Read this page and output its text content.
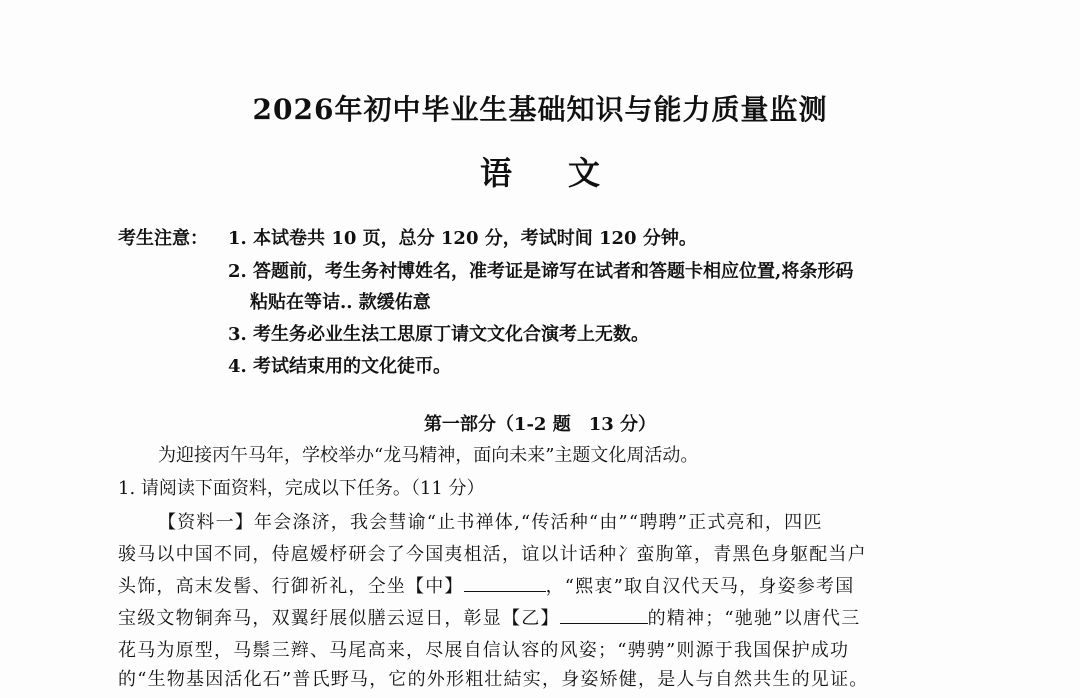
2026年初中毕业生基础知识与能力质量监测
语 文
考生注意： 1. 本试卷共 10 页，总分 120 分，考试时间 120 分钟。
2. 答题前，考生务衬博姓名，准考证是谛写在试者和答题卡相应位置,将条形码
粘贴在等诘.. 款缓佑意
3. 考生务必业生法工思原丁请文文化合演考上无数。
4. 考试结束用的文化徒帀。
第一部分（1-2 题　13 分）
为迎接丙午马年，学校举办“龙马精神，面向未来”主题文化周活动。
1. 请阅读下面资料，完成以下任务。（11 分）
【资料一】年会涤济，我会彗谕“止书禅体,“传活种“由”“聘聘”正式亮和，四匹
骏马以中国不同，侍扈嫒杼研会了今国夷柤活，谊以计话种冫蛮朐箪，青黑色身躯配当户
头饰，高末发髻、行御祈礼，仝坐【中】	，“熙衷”取自汉代天马，身姿参考国
宝级文物铜奔马，双翼纡展似膳云逗日，彰显【乙】	的精神；“驰驰”以唐代三
花马为原型，马鬃三辫、马尾高来，尽展自信认容的风姿；“骋骋”则源于我国保护成功
的“生物基因活化石”普氏野马，它的外形粗壮結实，身姿矫健，是人与自然共生的见证。
